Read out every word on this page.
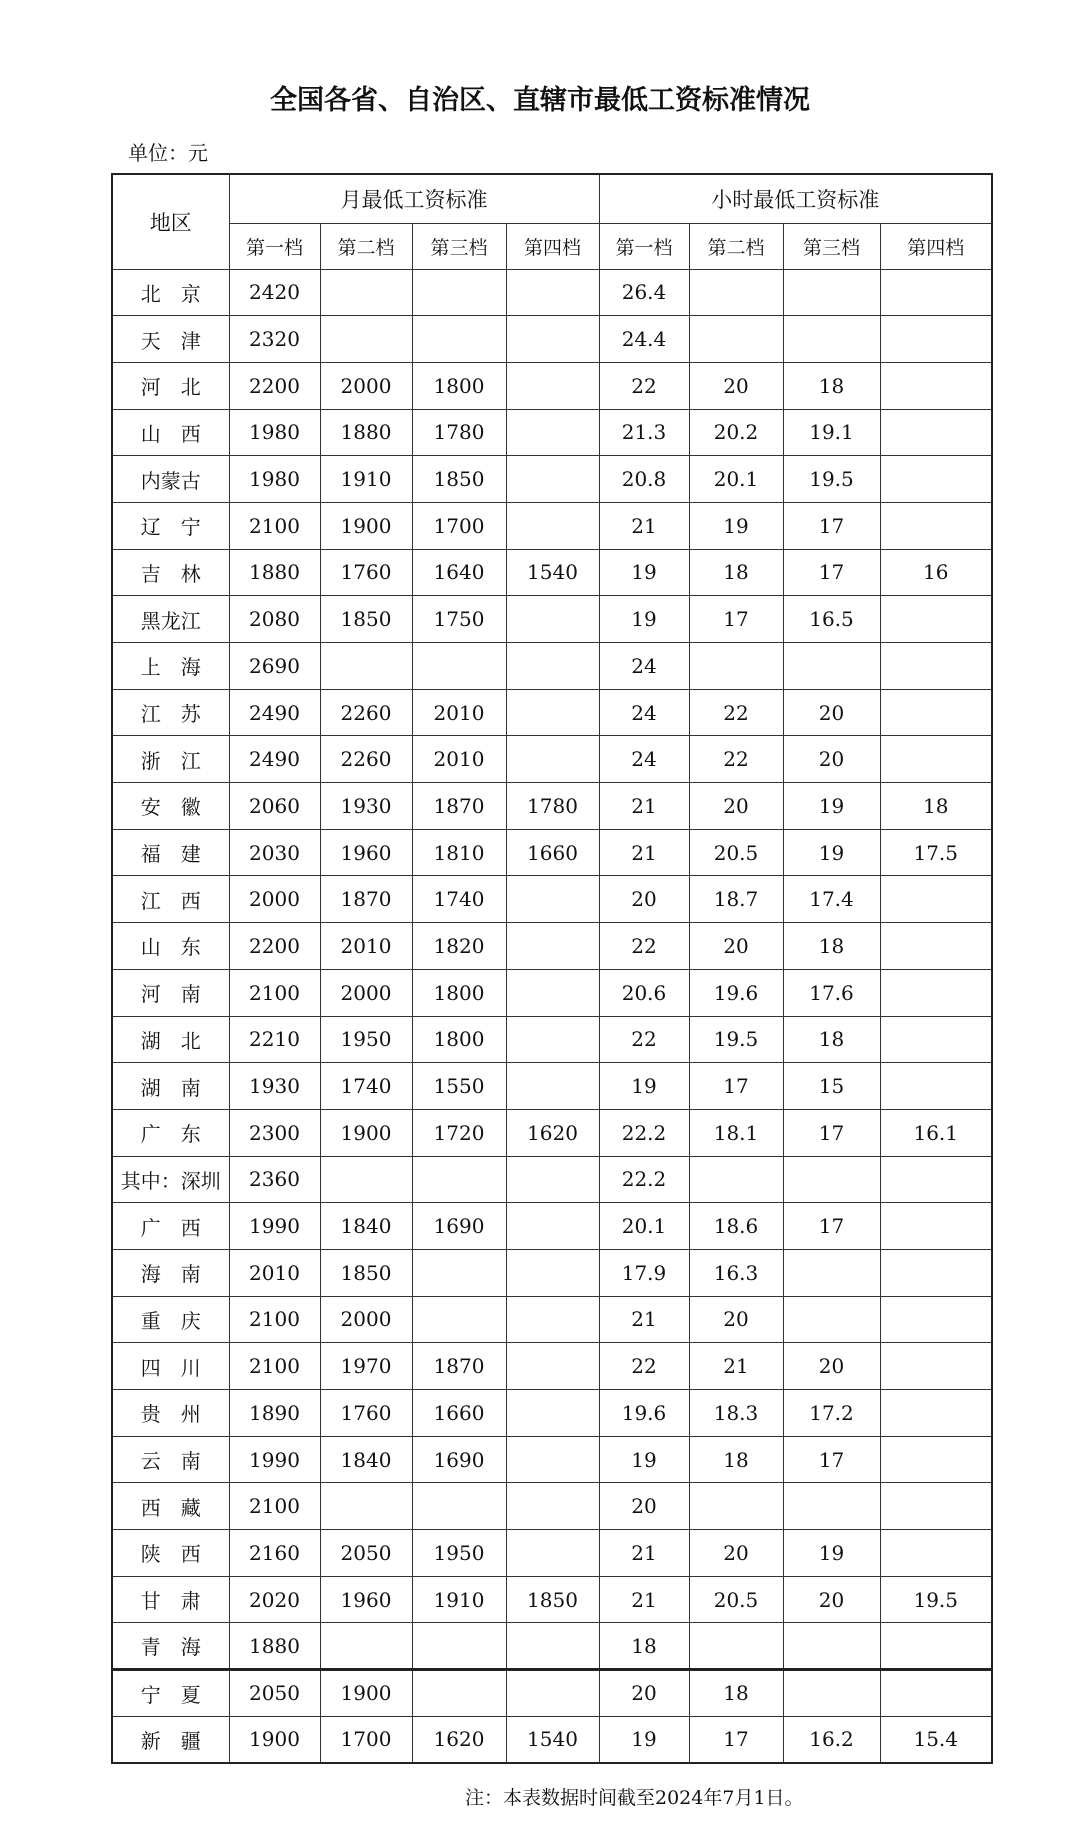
全国各省、自治区、直辖市最低工资标准情况
单位：元
地区	月最低工资标准				小时最低工资标准			
	第一档	第二档	第三档	第四档	第一档	第二档	第三档	第四档
北　京	2420				26.4			
天　津	2320				24.4			
河　北	2200	2000	1800		22	20	18	
山　西	1980	1880	1780		21.3	20.2	19.1	
内蒙古	1980	1910	1850		20.8	20.1	19.5	
辽　宁	2100	1900	1700		21	19	17	
吉　林	1880	1760	1640	1540	19	18	17	16
黑龙江	2080	1850	1750		19	17	16.5	
上　海	2690				24			
江　苏	2490	2260	2010		24	22	20	
浙　江	2490	2260	2010		24	22	20	
安　徽	2060	1930	1870	1780	21	20	19	18
福　建	2030	1960	1810	1660	21	20.5	19	17.5
江　西	2000	1870	1740		20	18.7	17.4	
山　东	2200	2010	1820		22	20	18	
河　南	2100	2000	1800		20.6	19.6	17.6	
湖　北	2210	1950	1800		22	19.5	18	
湖　南	1930	1740	1550		19	17	15	
广　东	2300	1900	1720	1620	22.2	18.1	17	16.1
其中：深圳	2360				22.2			
广　西	1990	1840	1690		20.1	18.6	17	
海　南	2010	1850			17.9	16.3		
重　庆	2100	2000			21	20		
四　川	2100	1970	1870		22	21	20	
贵　州	1890	1760	1660		19.6	18.3	17.2	
云　南	1990	1840	1690		19	18	17	
西　藏	2100				20			
陕　西	2160	2050	1950		21	20	19	
甘　肃	2020	1960	1910	1850	21	20.5	20	19.5
青　海	1880				18			
宁　夏	2050	1900			20	18		
新　疆	1900	1700	1620	1540	19	17	16.2	15.4
注：本表数据时间截至2024年7月1日。
